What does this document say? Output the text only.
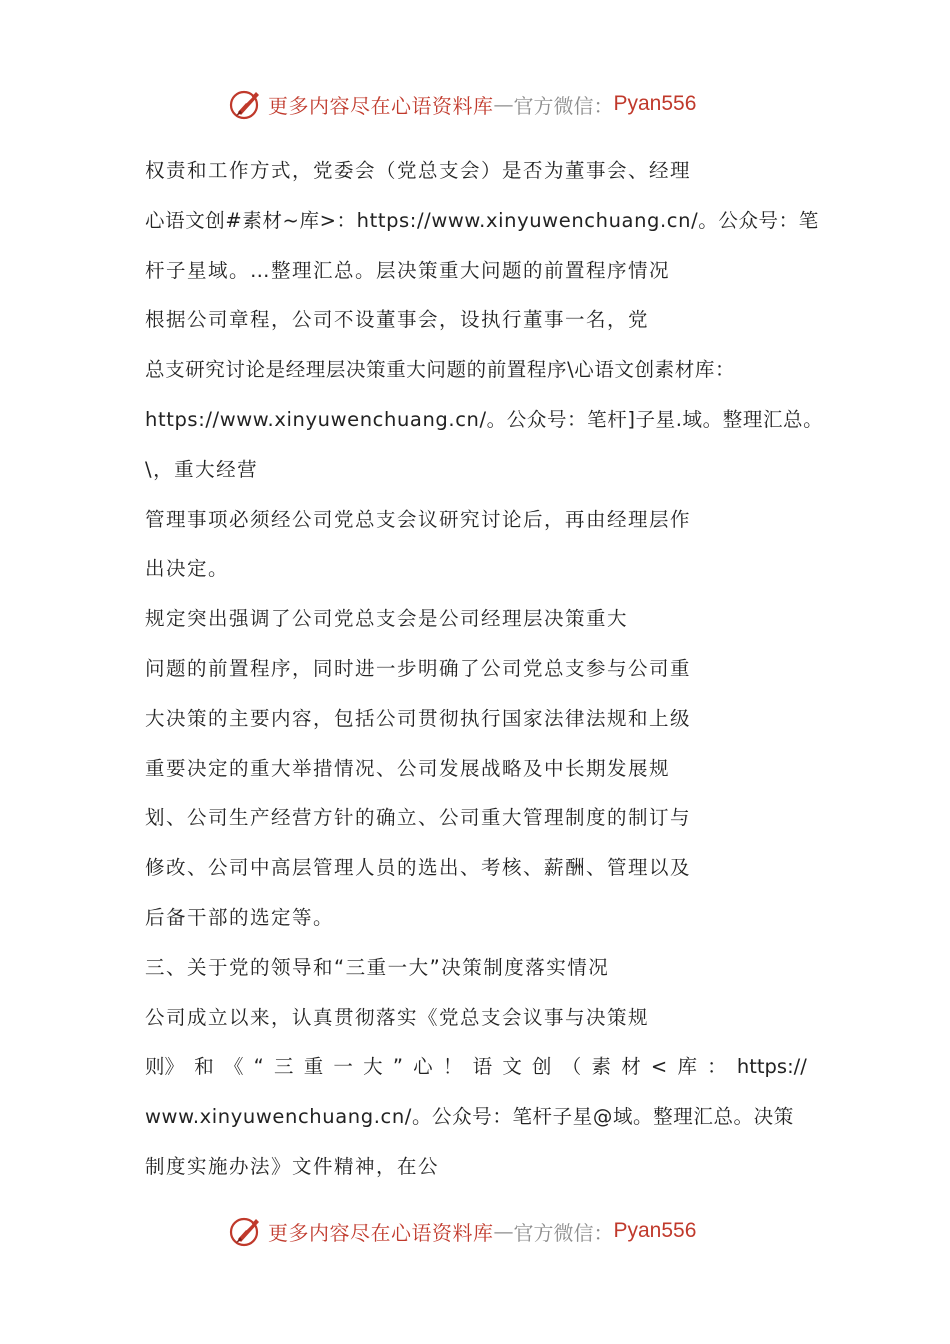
更多内容尽在心语资料库 — 官方微信： Pyan556
权责和工作方式，党委会（党总支会）是否为董事会、经理
心语文创#素材~库>：https://www.xinyuwenchuang.cn/。公众号：笔
杆子星域。…整理汇总。层决策重大问题的前置程序情况
根据公司章程，公司不设董事会，设执行董事一名，党
总支研究讨论是经理层决策重大问题的前置程序\心语文创素材库：
https://www.xinyuwenchuang.cn/。公众号：笔杆]子星.域。整理汇总。
\，重大经营
管理事项必须经公司党总支会议研究讨论后，再由经理层作
出决定。
规定突出强调了公司党总支会是公司经理层决策重大
问题的前置程序，同时进一步明确了公司党总支参与公司重
大决策的主要内容，包括公司贯彻执行国家法律法规和上级
重要决定的重大举措情况、公司发展战略及中长期发展规
划、公司生产经营方针的确立、公司重大管理制度的制订与
修改、公司中高层管理人员的选出、考核、薪酬、管理以及
后备干部的选定等。
三、关于党的领导和“三重一大”决策制度落实情况
公司成立以来，认真贯彻落实《党总支会议事与决策规
则》 和 《 “ 三 重 一 大 ” 心 ！ 语 文 创 （ 素 材 < 库 ： https://
www.xinyuwenchuang.cn/。公众号：笔杆子星@域。整理汇总。决策
制度实施办法》文件精神，在公
更多内容尽在心语资料库 — 官方微信： Pyan556
